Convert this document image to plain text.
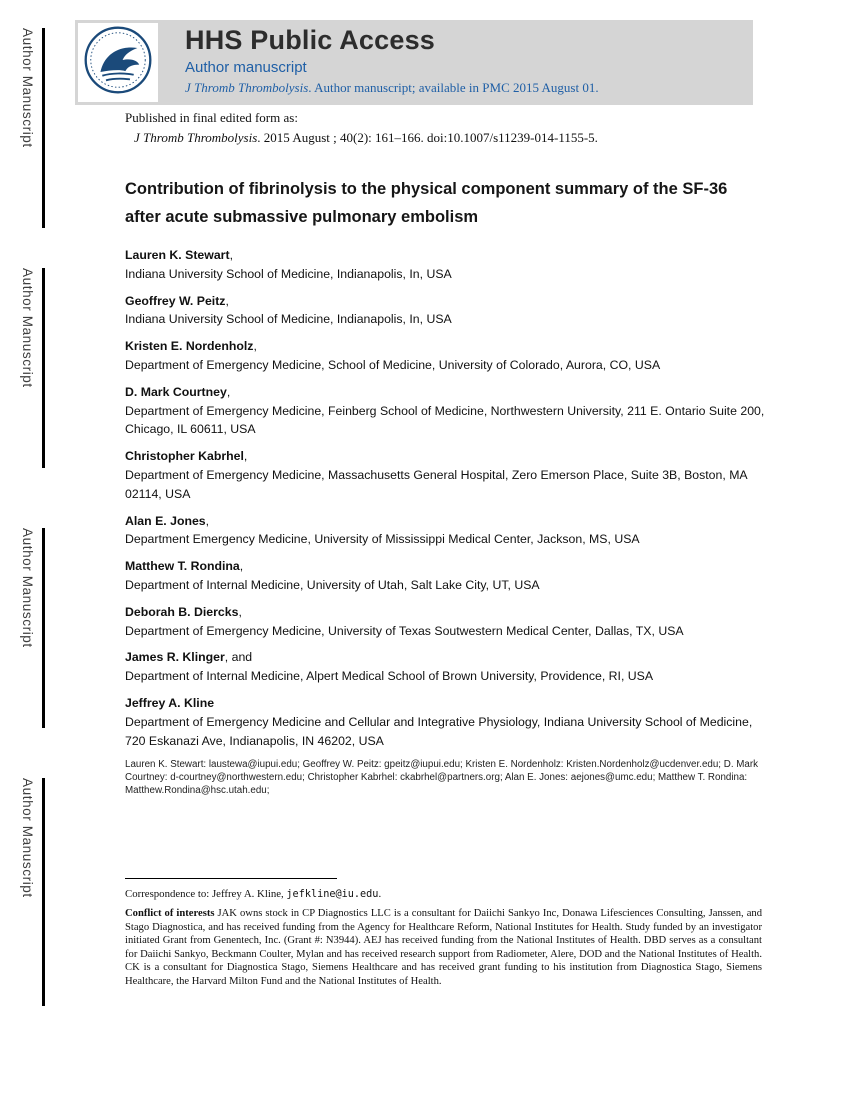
Author Manuscript
Author Manuscript
Author Manuscript
Author Manuscript
HHS Public Access
Author manuscript
J Thromb Thrombolysis. Author manuscript; available in PMC 2015 August 01.
Published in final edited form as:
J Thromb Thrombolysis. 2015 August ; 40(2): 161–166. doi:10.1007/s11239-014-1155-5.
Contribution of fibrinolysis to the physical component summary of the SF-36 after acute submassive pulmonary embolism
Lauren K. Stewart,
Indiana University School of Medicine, Indianapolis, In, USA
Geoffrey W. Peitz,
Indiana University School of Medicine, Indianapolis, In, USA
Kristen E. Nordenholz,
Department of Emergency Medicine, School of Medicine, University of Colorado, Aurora, CO, USA
D. Mark Courtney,
Department of Emergency Medicine, Feinberg School of Medicine, Northwestern University, 211 E. Ontario Suite 200, Chicago, IL 60611, USA
Christopher Kabrhel,
Department of Emergency Medicine, Massachusetts General Hospital, Zero Emerson Place, Suite 3B, Boston, MA 02114, USA
Alan E. Jones,
Department Emergency Medicine, University of Mississippi Medical Center, Jackson, MS, USA
Matthew T. Rondina,
Department of Internal Medicine, University of Utah, Salt Lake City, UT, USA
Deborah B. Diercks,
Department of Emergency Medicine, University of Texas Soutwestern Medical Center, Dallas, TX, USA
James R. Klinger, and
Department of Internal Medicine, Alpert Medical School of Brown University, Providence, RI, USA
Jeffrey A. Kline
Department of Emergency Medicine and Cellular and Integrative Physiology, Indiana University School of Medicine, 720 Eskanazi Ave, Indianapolis, IN 46202, USA

Lauren K. Stewart: laustewa@iupui.edu; Geoffrey W. Peitz: gpeitz@iupui.edu; Kristen E. Nordenholz: Kristen.Nordenholz@ucdenver.edu; D. Mark Courtney: d-courtney@northwestern.edu; Christopher Kabrhel: ckabrhel@partners.org; Alan E. Jones: aejones@umc.edu; Matthew T. Rondina: Matthew.Rondina@hsc.utah.edu;

Correspondence to: Jeffrey A. Kline, jefkline@iu.edu.

Conflict of interests JAK owns stock in CP Diagnostics LLC is a consultant for Daiichi Sankyo Inc, Donawa Lifesciences Consulting, Janssen, and Stago Diagnostica, and has received funding from the Agency for Healthcare Reform, National Institutes for Health. Study funded by an investigator initiated Grant from Genentech, Inc. (Grant #: N3944). AEJ has received funding from the National Institutes of Health. DBD serves as a consultant for Daiichi Sankyo, Beckmann Coulter, Mylan and has received research support from Radiometer, Alere, DOD and the National Institutes of Health. CK is a consultant for Diagnostica Stago, Siemens Healthcare and has received grant funding to his institution from Diagnostica Stago, Siemens Healthcare, the Harvard Milton Fund and the National Institutes of Health.
